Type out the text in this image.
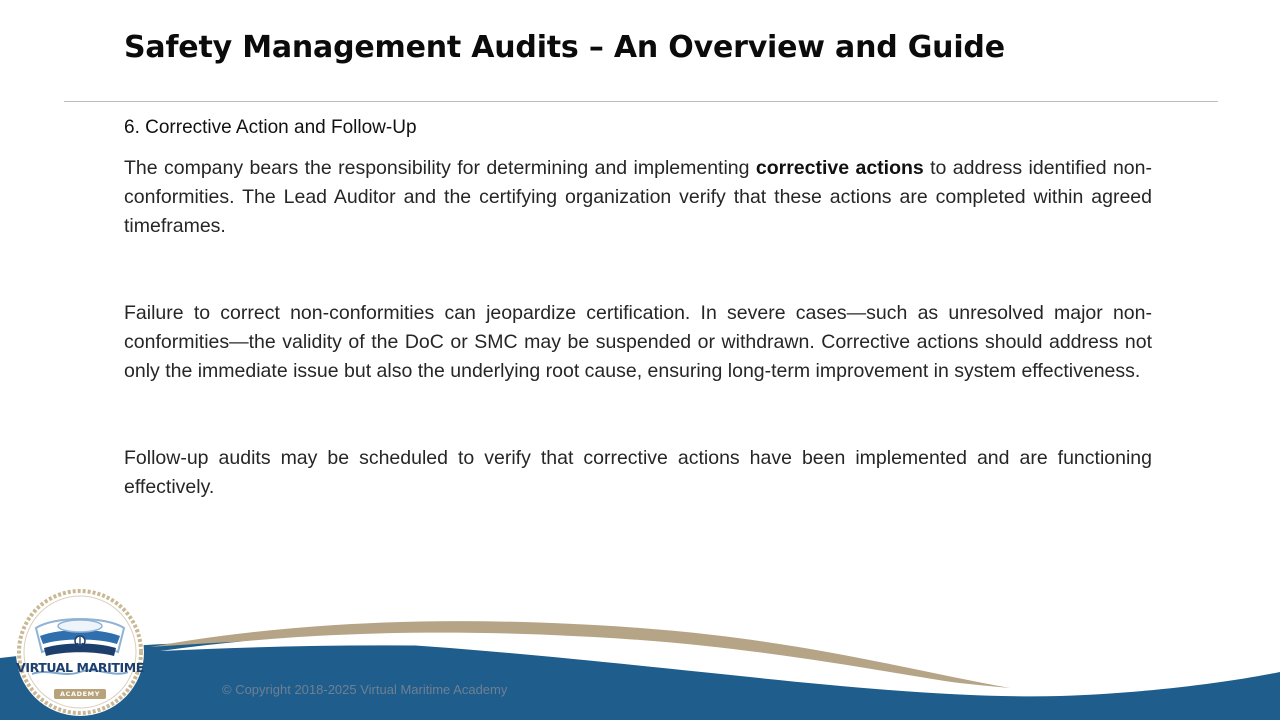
Safety Management Audits – An Overview and Guide
6. Corrective Action and Follow-Up

The company bears the responsibility for determining and implementing corrective actions to address identified non-conformities. The Lead Auditor and the certifying organization verify that these actions are completed within agreed timeframes.

Failure to correct non-conformities can jeopardize certification. In severe cases—such as unresolved major non-conformities—the validity of the DoC or SMC may be suspended or withdrawn. Corrective actions should address not only the immediate issue but also the underlying root cause, ensuring long-term improvement in system effectiveness.

Follow-up audits may be scheduled to verify that corrective actions have been implemented and are functioning effectively.

© Copyright 2018-2025 Virtual Maritime Academy
VIRTUAL MARITIME
ACADEMY
